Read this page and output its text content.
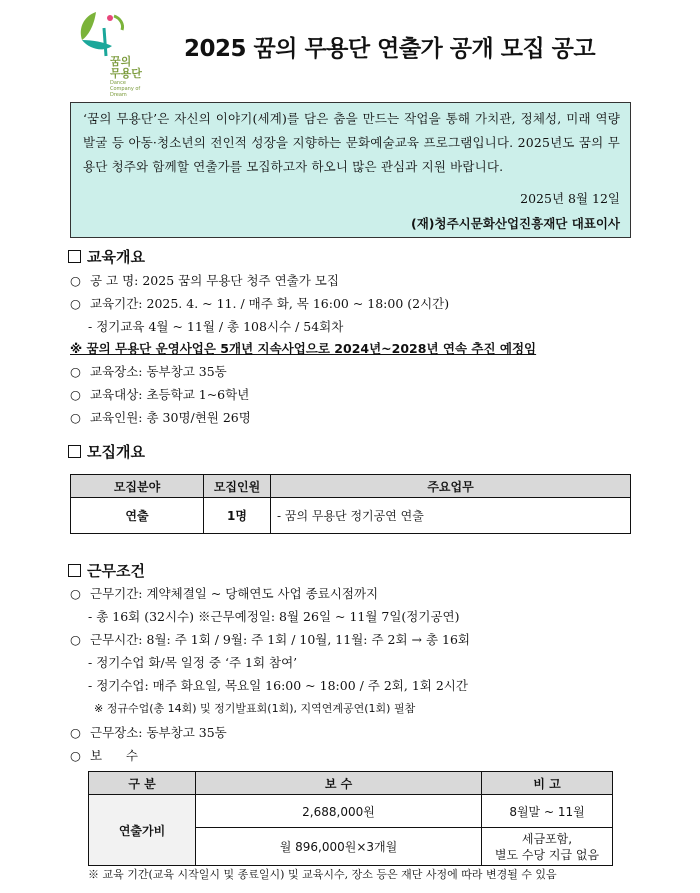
꿈의
무용단
Dance Company of Dream
2025 꿈의 무용단 연출가 공개 모집 공고
‘꿈의 무용단’은 자신의 이야기(세계)를 담은 춤을 만드는 작업을 통해 가치관, 정체성, 미래 역량 발굴 등 아동·청소년의 전인적 성장을 지향하는 문화예술교육 프로그램입니다. 2025년도 꿈의 무용단 청주와 함께할 연출가를 모집하고자 하오니 많은 관심과 지원 바랍니다.
2025년 8월 12일
(재)청주시문화산업진흥재단 대표이사
교육개요
○ 공 고 명: 2025 꿈의 무용단 청주 연출가 모집
○ 교육기간: 2025. 4. ~ 11. / 매주 화, 목 16:00 ~ 18:00 (2시간)
- 정기교육 4월 ~ 11월 / 총 108시수 / 54회차
※ 꿈의 무용단 운영사업은 5개년 지속사업으로 2024년~2028년 연속 추진 예정임
○ 교육장소: 동부창고 35동
○ 교육대상: 초등학교 1~6학년
○ 교육인원: 총 30명/현원 26명
모집개요
모집분야	모집인원	주요업무
연출	1명	- 꿈의 무용단 정기공연 연출
근무조건
○ 근무기간: 계약체결일 ~ 당해연도 사업 종료시점까지
- 총 16회 (32시수) ※근무예정일: 8월 26일 ~ 11월 7일(정기공연)
○ 근무시간: 8월: 주 1회 / 9월: 주 1회 / 10월, 11월: 주 2회 → 총 16회
- 정기수업 화/목 일정 중 ‘주 1회 참여’
- 정기수업: 매주 화요일, 목요일 16:00 ~ 18:00 / 주 2회, 1회 2시간
※ 정규수업(총 14회) 및 정기발표회(1회), 지역연계공연(1회) 필참
○ 근무장소: 동부창고 35동
○ 보      수
구 분	보 수	비 고
연출가비	2,688,000원	8월말 ~ 11월
	월 896,000원×3개월	세금포함,
별도 수당 지급 없음
※ 교육 기간(교육 시작일시 및 종료일시) 및 교육시수, 장소 등은 재단 사정에 따라 변경될 수 있음
